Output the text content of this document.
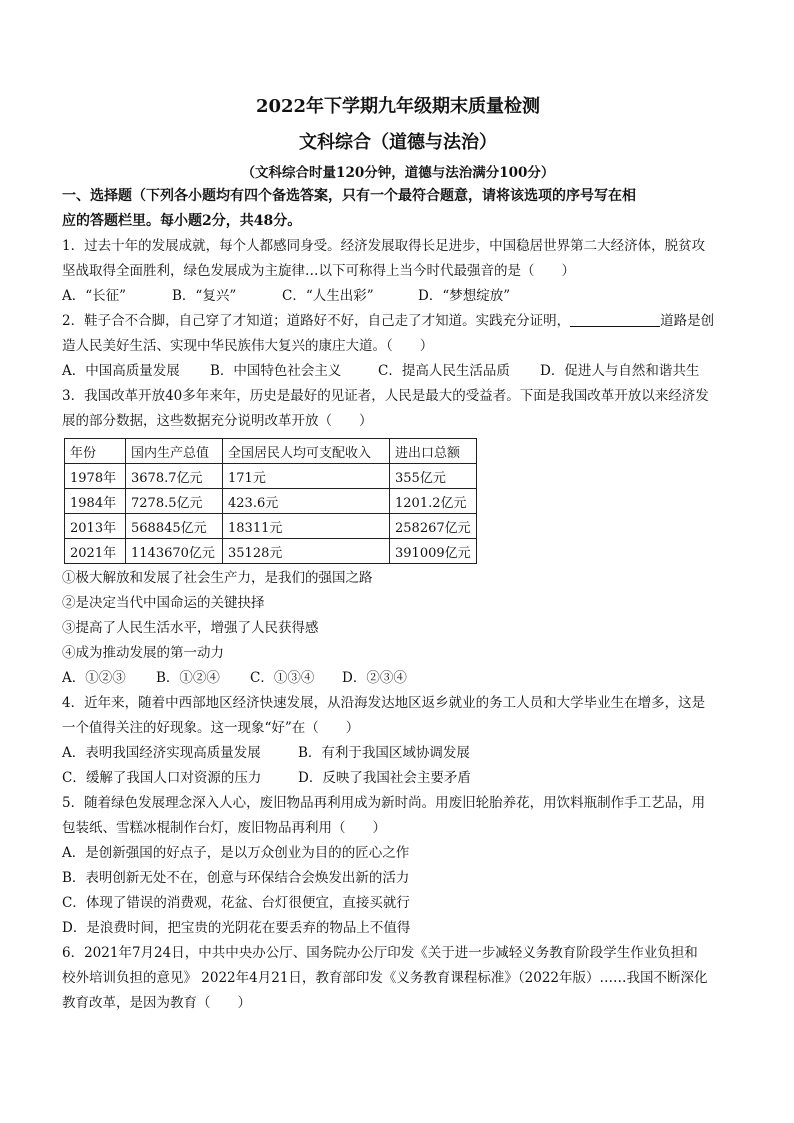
2022年下学期九年级期末质量检测
文科综合（道德与法治）
（文科综合时量120分钟，道德与法治满分100分）
一、选择题（下列各小题均有四个备选答案，只有一个最符合题意，请将该选项的序号写在相
应的答题栏里。每小题2分，共48分。
1．过去十年的发展成就，每个人都感同身受。经济发展取得长足进步，中国稳居世界第二大经济体，脱贫攻
坚战取得全面胜利，绿色发展成为主旋律…以下可称得上当今时代最强音的是（　　）
A．“长征”	B．“复兴”	C．“人生出彩”	D．“梦想绽放”
2．鞋子合不合脚，自己穿了才知道；道路好不好，自己走了才知道。实践充分证明，	道路是创
造人民美好生活、实现中华民族伟大复兴的康庄大道。（　　）
A．中国高质量发展 B．中国特色社会主义	C．提高人民生活品质 D．促进人与自然和谐共生
3．我国改革开放40多年来年，历史是最好的见证者，人民是最大的受益者。下面是我国改革开放以来经济发
展的部分数据，这些数据充分说明改革开放（　　）
年份	国内生产总值	全国居民人均可支配收入	进出口总额
1978年	3678.7亿元	171元	355亿元
1984年	7278.5亿元	423.6元	1201.2亿元
2013年	568845亿元	18311元	258267亿元
2021年	1143670亿元	35128元	391009亿元
①极大解放和发展了社会生产力，是我们的强国之路
②是决定当代中国命运的关键抉择
③提高了人民生活水平，增强了人民获得感
④成为推动发展的第一动力
A．①②③ B．①②④ C．①③④ D．②③④
4．近年来，随着中西部地区经济快速发展，从沿海发达地区返乡就业的务工人员和大学毕业生在增多，这是
一个值得关注的好现象。这一现象“好”在（　　）
A．表明我国经济实现高质量发展	B．有利于我国区域协调发展
C．缓解了我国人口对资源的压力	D．反映了我国社会主要矛盾
5．随着绿色发展理念深入人心，废旧物品再利用成为新时尚。用废旧轮胎养花，用饮料瓶制作手工艺品，用
包装纸、雪糕冰棍制作台灯，废旧物品再利用（　　）
A．是创新强国的好点子，是以万众创业为目的的匠心之作
B．表明创新无处不在，创意与环保结合会焕发出新的活力
C．体现了错误的消费观，花盆、台灯很便宜，直接买就行
D．是浪费时间，把宝贵的光阴花在要丢弃的物品上不值得
6．2021年7月24日，中共中央办公厅、国务院办公厅印发《关于进一步减轻义务教育阶段学生作业负担和
校外培训负担的意见》 2022年4月21日，教育部印发《义务教育课程标准》（2022年版）……我国不断深化
教育改革，是因为教育（　　）
